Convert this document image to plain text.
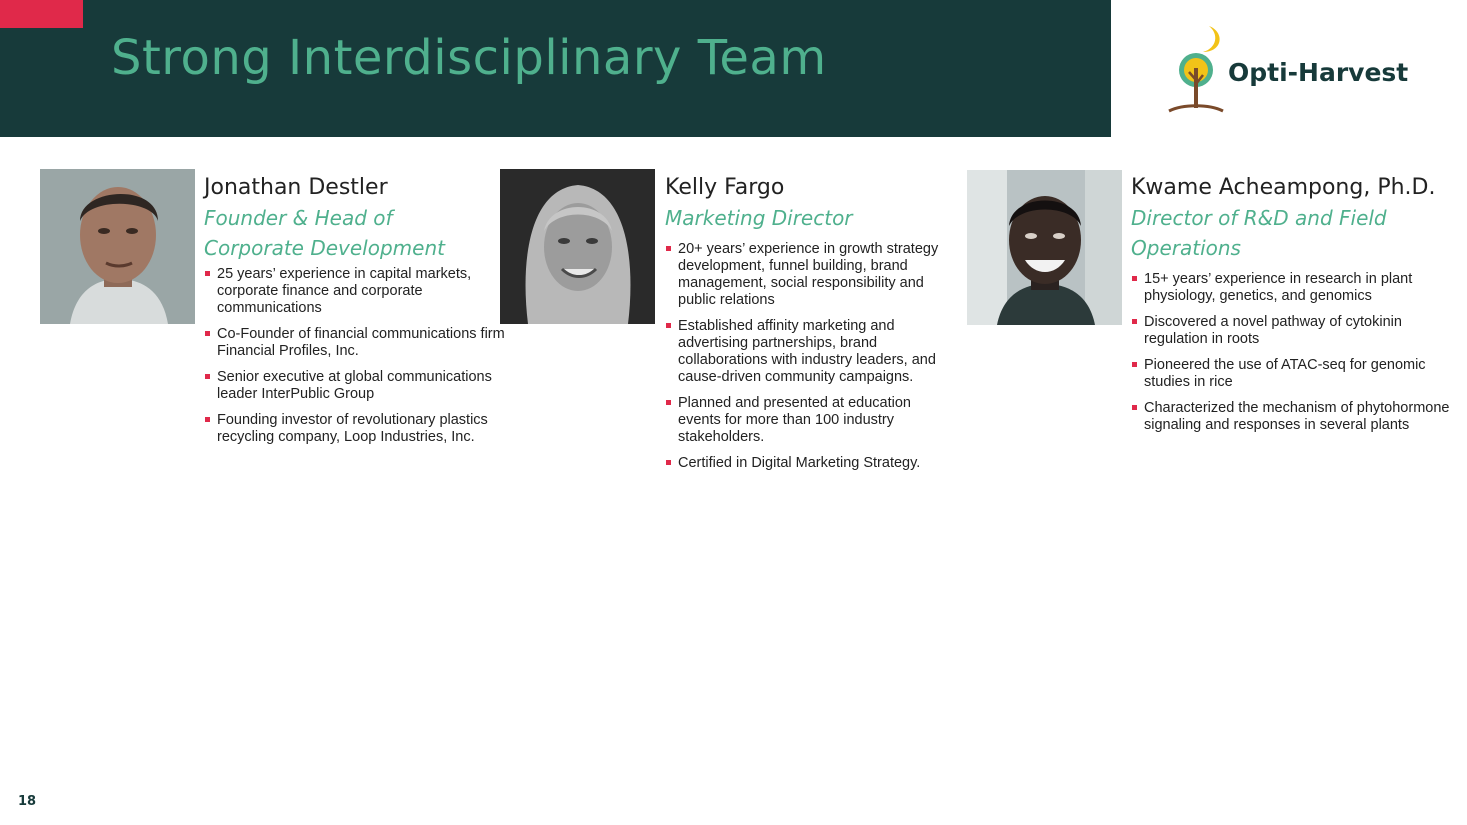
Strong Interdisciplinary Team	Opti-Harvest
Jonathan Destler
Founder & Head of Corporate Development
25 years’ experience in capital markets, corporate finance and corporate communications
Co-Founder of financial communications firm Financial Profiles, Inc.
Senior executive at global communications leader InterPublic Group
Founding investor of revolutionary plastics recycling company, Loop Industries, Inc.
Kelly Fargo
Marketing Director
20+ years’ experience in growth strategy development, funnel building, brand management, social responsibility and public relations
Established affinity marketing and advertising partnerships, brand collaborations with industry leaders, and cause-driven community campaigns.
Planned and presented at education events for more than 100 industry stakeholders.
Certified in Digital Marketing Strategy.
Kwame Acheampong, Ph.D.
Director of R&D and Field Operations
15+ years’ experience in research in plant physiology, genetics, and genomics
Discovered a novel pathway of cytokinin regulation in roots
Pioneered the use of ATAC-seq for genomic studies in rice
Characterized the mechanism of phytohormone signaling and responses in several plants
18
